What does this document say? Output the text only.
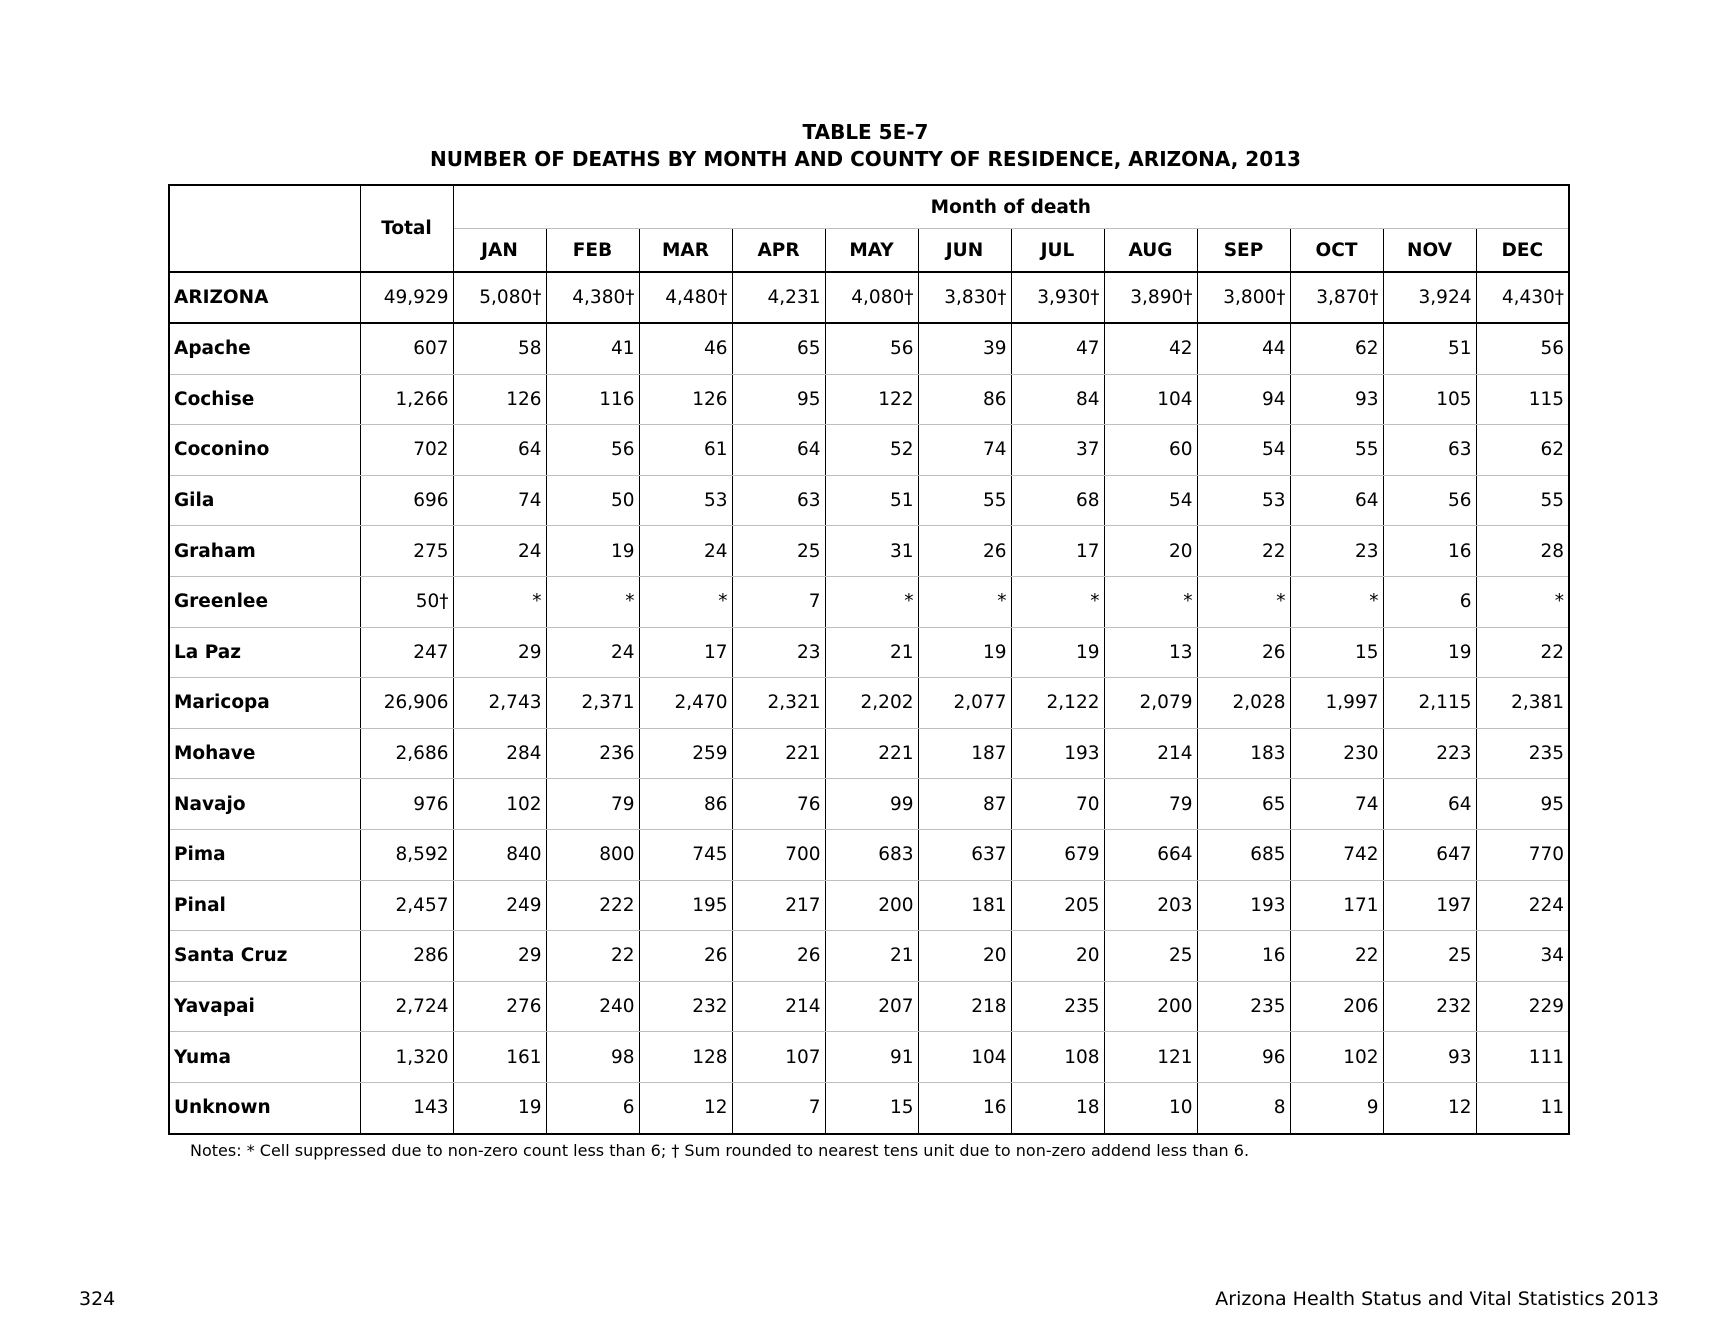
TABLE 5E-7
NUMBER OF DEATHS BY MONTH AND COUNTY OF RESIDENCE, ARIZONA, 2013
	Total	Month of death											
		JAN	FEB	MAR	APR	MAY	JUN	JUL	AUG	SEP	OCT	NOV	DEC
ARIZONA	49,929	5,080†	4,380†	4,480†	4,231	4,080†	3,830†	3,930†	3,890†	3,800†	3,870†	3,924	4,430†
Apache	607	58	41	46	65	56	39	47	42	44	62	51	56
Cochise	1,266	126	116	126	95	122	86	84	104	94	93	105	115
Coconino	702	64	56	61	64	52	74	37	60	54	55	63	62
Gila	696	74	50	53	63	51	55	68	54	53	64	56	55
Graham	275	24	19	24	25	31	26	17	20	22	23	16	28
Greenlee	50†	*	*	*	7	*	*	*	*	*	*	6	*
La Paz	247	29	24	17	23	21	19	19	13	26	15	19	22
Maricopa	26,906	2,743	2,371	2,470	2,321	2,202	2,077	2,122	2,079	2,028	1,997	2,115	2,381
Mohave	2,686	284	236	259	221	221	187	193	214	183	230	223	235
Navajo	976	102	79	86	76	99	87	70	79	65	74	64	95
Pima	8,592	840	800	745	700	683	637	679	664	685	742	647	770
Pinal	2,457	249	222	195	217	200	181	205	203	193	171	197	224
Santa Cruz	286	29	22	26	26	21	20	20	25	16	22	25	34
Yavapai	2,724	276	240	232	214	207	218	235	200	235	206	232	229
Yuma	1,320	161	98	128	107	91	104	108	121	96	102	93	111
Unknown	143	19	6	12	7	15	16	18	10	8	9	12	11
Notes: * Cell suppressed due to non-zero count less than 6; † Sum rounded to nearest tens unit due to non-zero addend less than 6.
324	Arizona Health Status and Vital Statistics 2013
